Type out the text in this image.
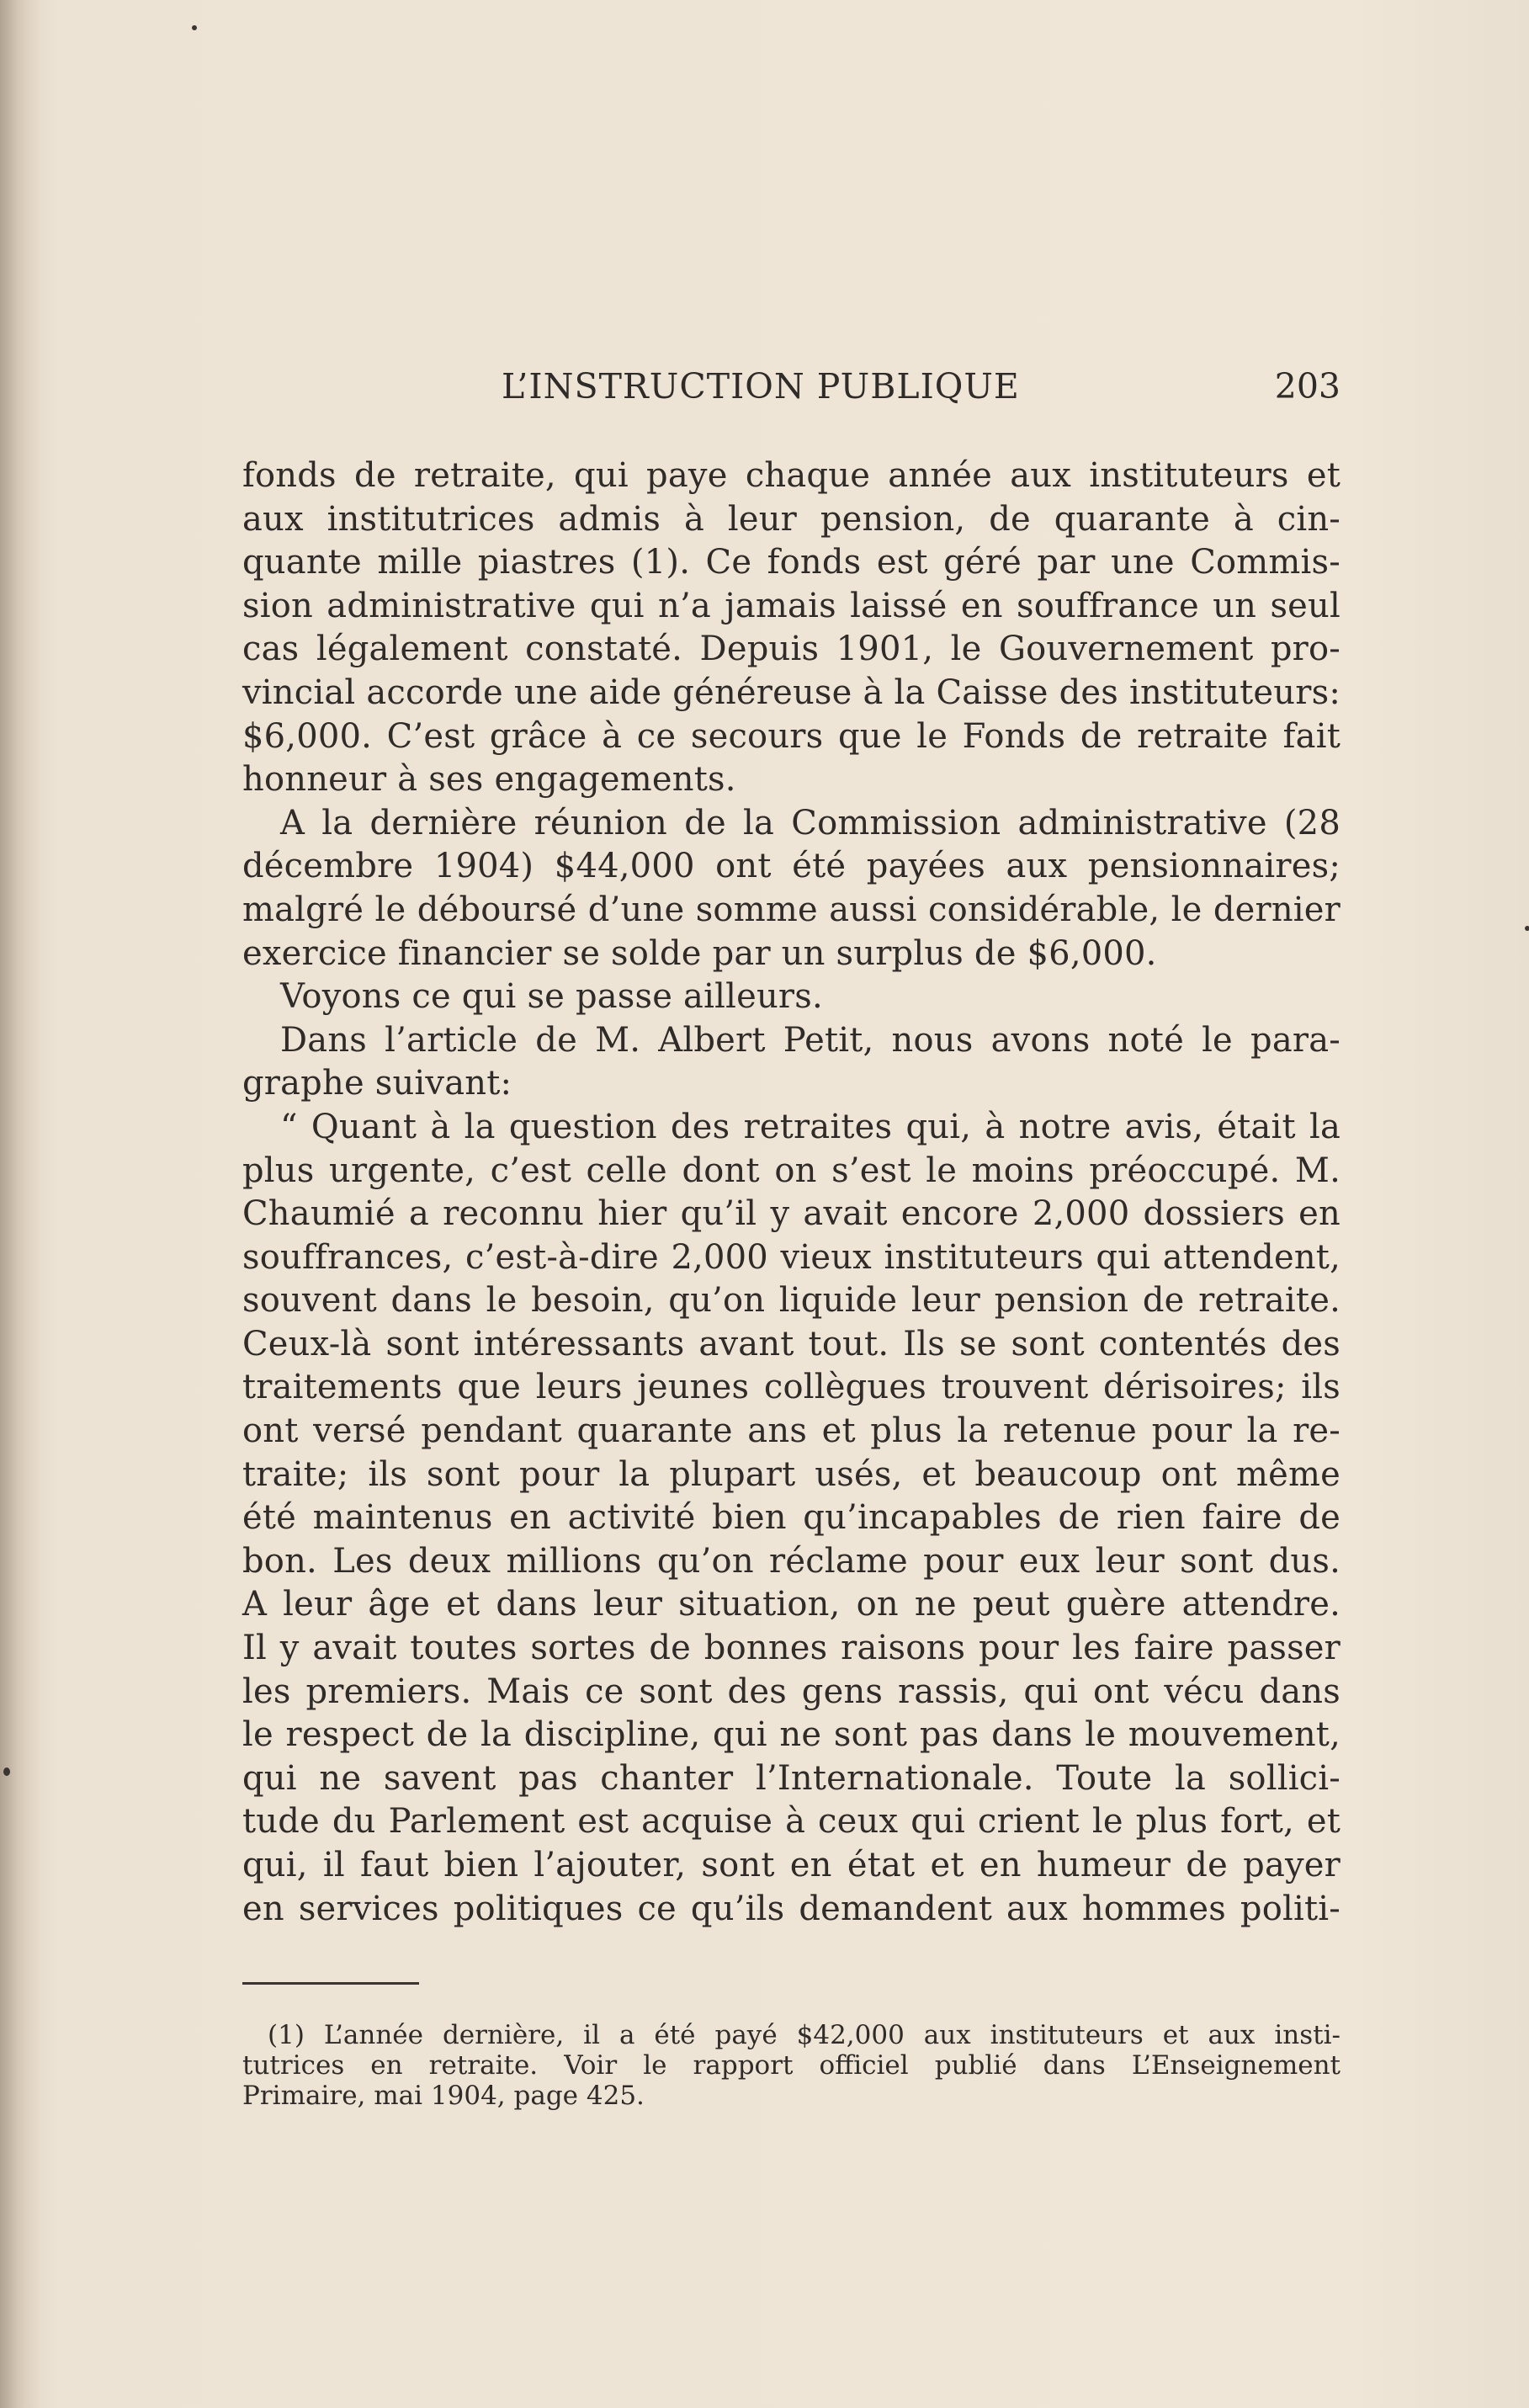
L’INSTRUCTION PUBLIQUE	203
fonds de retraite, qui paye chaque année aux instituteurs et
aux institutrices admis à leur pension, de quarante à cin-
quante mille piastres (1). Ce fonds est géré par une Commis-
sion administrative qui n’a jamais laissé en souffrance un seul
cas légalement constaté. Depuis 1901, le Gouvernement pro-
vincial accorde une aide généreuse à la Caisse des instituteurs:
$6,000. C’est grâce à ce secours que le Fonds de retraite fait
honneur à ses engagements.
A la dernière réunion de la Commission administrative (28
décembre 1904) $44,000 ont été payées aux pensionnaires;
malgré le déboursé d’une somme aussi considérable, le dernier
exercice financier se solde par un surplus de $6,000.
Voyons ce qui se passe ailleurs.
Dans l’article de M. Albert Petit, nous avons noté le para-
graphe suivant:
“ Quant à la question des retraites qui, à notre avis, était la
plus urgente, c’est celle dont on s’est le moins préoccupé. M.
Chaumié a reconnu hier qu’il y avait encore 2,000 dossiers en
souffrances, c’est-à-dire 2,000 vieux instituteurs qui attendent,
souvent dans le besoin, qu’on liquide leur pension de retraite.
Ceux-là sont intéressants avant tout. Ils se sont contentés des
traitements que leurs jeunes collègues trouvent dérisoires; ils
ont versé pendant quarante ans et plus la retenue pour la re-
traite; ils sont pour la plupart usés, et beaucoup ont même
été maintenus en activité bien qu’incapables de rien faire de
bon. Les deux millions qu’on réclame pour eux leur sont dus.
A leur âge et dans leur situation, on ne peut guère attendre.
Il y avait toutes sortes de bonnes raisons pour les faire passer
les premiers. Mais ce sont des gens rassis, qui ont vécu dans
le respect de la discipline, qui ne sont pas dans le mouvement,
qui ne savent pas chanter l’Internationale. Toute la sollici-
tude du Parlement est acquise à ceux qui crient le plus fort, et
qui, il faut bien l’ajouter, sont en état et en humeur de payer
en services politiques ce qu’ils demandent aux hommes politi-
(1) L’année dernière, il a été payé $42,000 aux instituteurs et aux insti-
tutrices en retraite. Voir le rapport officiel publié dans L’Enseignement
Primaire, mai 1904, page 425.
